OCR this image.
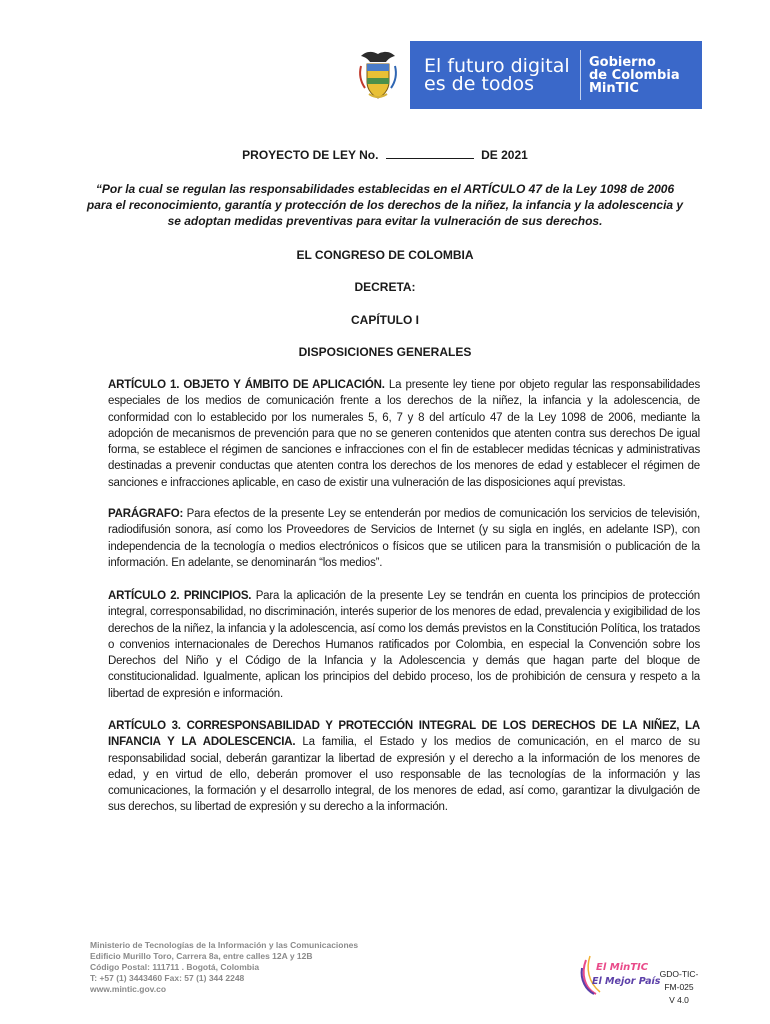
El futuro digital
es de todos
Gobierno
de Colombia
MinTIC
PROYECTO DE LEY No.	DE 2021
“Por la cual se regulan las responsabilidades establecidas en el ARTÍCULO 47 de la Ley 1098 de 2006 para el reconocimiento, garantía y protección de los derechos de la niñez, la infancia y la adolescencia y se adoptan medidas preventivas para evitar la vulneración de sus derechos.
EL CONGRESO DE COLOMBIA
DECRETA:
CAPÍTULO I
DISPOSICIONES GENERALES
ARTÍCULO 1. OBJETO Y ÁMBITO DE APLICACIÓN. La presente ley tiene por objeto regular las responsabilidades especiales de los medios de comunicación frente a los derechos de la niñez, la infancia y la adolescencia, de conformidad con lo establecido por los numerales 5, 6, 7 y 8 del artículo 47 de la Ley 1098 de 2006, mediante la adopción de mecanismos de prevención para que no se generen contenidos que atenten contra sus derechos De igual forma, se establece el régimen de sanciones e infracciones con el fin de establecer medidas técnicas y administrativas destinadas a prevenir conductas que atenten contra los derechos de los menores de edad y establecer el régimen de sanciones e infracciones aplicable, en caso de existir una vulneración de las disposiciones aquí previstas.
PARÁGRAFO: Para efectos de la presente Ley se entenderán por medios de comunicación los servicios de televisión, radiodifusión sonora, así como los Proveedores de Servicios de Internet (y su sigla en inglés, en adelante ISP), con independencia de la tecnología o medios electrónicos o físicos que se utilicen para la transmisión o publicación de la información. En adelante, se denominarán “los medios”.
ARTÍCULO 2. PRINCIPIOS. Para la aplicación de la presente Ley se tendrán en cuenta los principios de protección integral, corresponsabilidad, no discriminación, interés superior de los menores de edad, prevalencia y exigibilidad de los derechos de la niñez, la infancia y la adolescencia, así como los demás previstos en la Constitución Política, los tratados o convenios internacionales de Derechos Humanos ratificados por Colombia, en especial la Convención sobre los Derechos del Niño y el Código de la Infancia y la Adolescencia y demás que hagan parte del bloque de constitucionalidad. Igualmente, aplican los principios del debido proceso, los de prohibición de censura y respeto a la libertad de expresión e información.
ARTÍCULO 3. CORRESPONSABILIDAD Y PROTECCIÓN INTEGRAL DE LOS DERECHOS DE LA NIÑEZ, LA INFANCIA Y LA ADOLESCENCIA. La familia, el Estado y los medios de comunicación, en el marco de su responsabilidad social, deberán garantizar la libertad de expresión y el derecho a la información de los menores de edad, y en virtud de ello, deberán promover el uso responsable de las tecnologías de la información y las comunicaciones, la formación y el desarrollo integral, de los menores de edad, así como, garantizar la divulgación de sus derechos, su libertad de expresión y su derecho a la información.
Ministerio de Tecnologías de la Información y las Comunicaciones
Edificio Murillo Toro, Carrera 8a, entre calles 12A y 12B
Código Postal: 111711 . Bogotá, Colombia
T: +57 (1) 3443460 Fax: 57 (1) 344 2248
www.mintic.gov.co
El MinTIC
El Mejor País
GDO-TIC-
FM-025
V 4.0
